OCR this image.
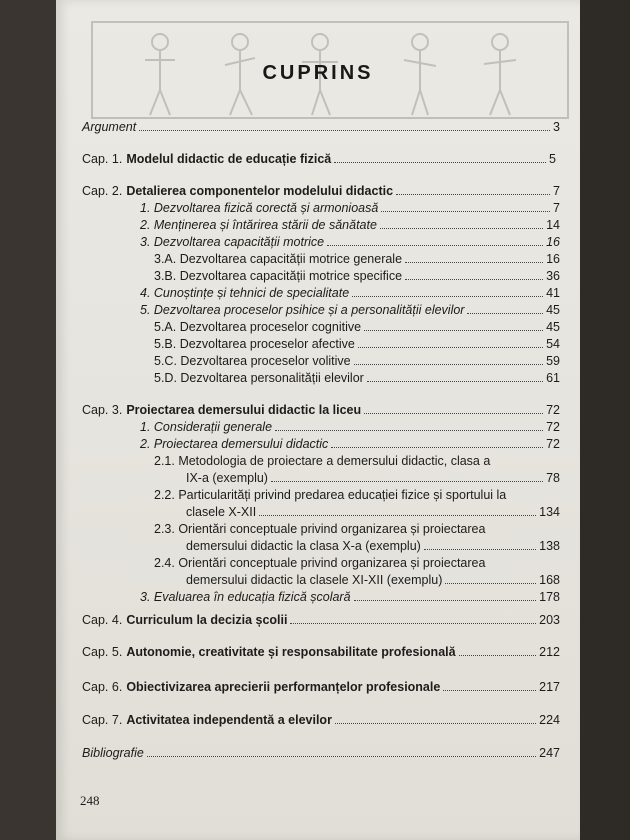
CUPRINS
Argument	3
Cap. 1. Modelul didactic de educație fizică	5
Cap. 2. Detalierea componentelor modelului didactic	7
1. Dezvoltarea fizică corectă și armonioasă	7
2. Menținerea și întărirea stării de sănătate	14
3. Dezvoltarea capacității motrice	16
3.A. Dezvoltarea capacității motrice generale	16
3.B. Dezvoltarea capacității motrice specifice	36
4. Cunoștințe și tehnici de specialitate	41
5. Dezvoltarea proceselor psihice și a personalității elevilor	45
5.A. Dezvoltarea proceselor cognitive	45
5.B. Dezvoltarea proceselor afective	54
5.C. Dezvoltarea proceselor volitive	59
5.D. Dezvoltarea personalității elevilor	61
Cap. 3. Proiectarea demersului didactic la liceu	72
1. Considerații generale	72
2. Proiectarea demersului didactic	72
2.1. Metodologia de proiectare a demersului didactic, clasa a
IX-a (exemplu)	78
2.2. Particularități privind predarea educației fizice și sportului la
clasele X-XII	134
2.3. Orientări conceptuale privind organizarea și proiectarea
demersului didactic la clasa X-a (exemplu)	138
2.4. Orientări conceptuale privind organizarea și proiectarea
demersului didactic la clasele XI-XII (exemplu)	168
3. Evaluarea în educația fizică școlară	178
Cap. 4. Curriculum la decizia școlii	203
Cap. 5. Autonomie, creativitate și responsabilitate profesională	212
Cap. 6. Obiectivizarea aprecierii performanțelor profesionale	217
Cap. 7. Activitatea independentă a elevilor	224
Bibliografie	247
248
